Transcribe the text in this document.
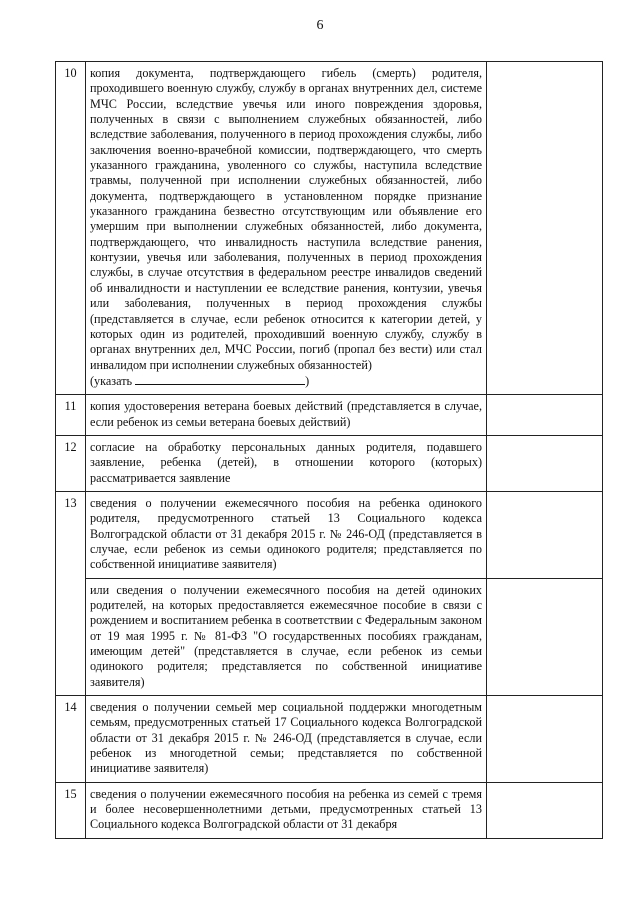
6
10	копия документа, подтверждающего гибель (смерть) родителя, проходившего военную службу, службу в органах внутренних дел, системе МЧС России, вследствие увечья или иного повреждения здоровья, полученных в связи с выполнением служебных обязанностей, либо вследствие заболевания, полученного в период прохождения службы, либо заключения военно-врачебной комиссии, подтверждающего, что смерть указанного гражданина, уволенного со службы, наступила вследствие травмы, полученной при исполнении служебных обязанностей, либо документа, подтверждающего в установленном порядке признание указанного гражданина безвестно отсутствующим или объявление его умершим при выполнении служебных обязанностей, либо документа, подтверждающего, что инвалидность наступила вследствие ранения, контузии, увечья или заболевания, полученных в период прохождения службы, в случае отсутствия в федеральном реестре инвалидов сведений об инвалидности и наступлении ее вследствие ранения, контузии, увечья или заболевания, полученных в период прохождения службы (представляется в случае, если ребенок относится к категории детей, у которых один из родителей, проходивший военную службу, службу в органах внутренних дел, МЧС России, погиб (пропал без вести) или стал инвалидом при исполнении служебных обязанностей)
(указать )	
11	копия удостоверения ветерана боевых действий (представляется в случае, если ребенок из семьи ветерана боевых действий)	
12	согласие на обработку персональных данных родителя, подавшего заявление, ребенка (детей), в отношении которого (которых) рассматривается заявление	
13	сведения о получении ежемесячного пособия на ребенка одинокого родителя, предусмотренного статьей 13 Социального кодекса Волгоградской области от 31 декабря 2015 г. № 246-ОД (представляется в случае, если ребенок из семьи одинокого родителя; представляется по собственной инициативе заявителя)	
	или сведения о получении ежемесячного пособия на детей одиноких родителей, на которых предоставляется ежемесячное пособие в связи с рождением и воспитанием ребенка в соответствии с Федеральным законом от 19 мая 1995 г. № 81-ФЗ "О государственных пособиях гражданам, имеющим детей" (представляется в случае, если ребенок из семьи одинокого родителя; представляется по собственной инициативе заявителя)	
14	сведения о получении семьей мер социальной поддержки многодетным семьям, предусмотренных статьей 17 Социального кодекса Волгоградской области от 31 декабря 2015 г. № 246-ОД (представляется в случае, если ребенок из многодетной семьи; представляется по собственной инициативе заявителя)	
15	сведения о получении ежемесячного пособия на ребенка из семей с тремя и более несовершеннолетними детьми, предусмотренных статьей 13 Социального кодекса Волгоградской области от 31 декабря	
